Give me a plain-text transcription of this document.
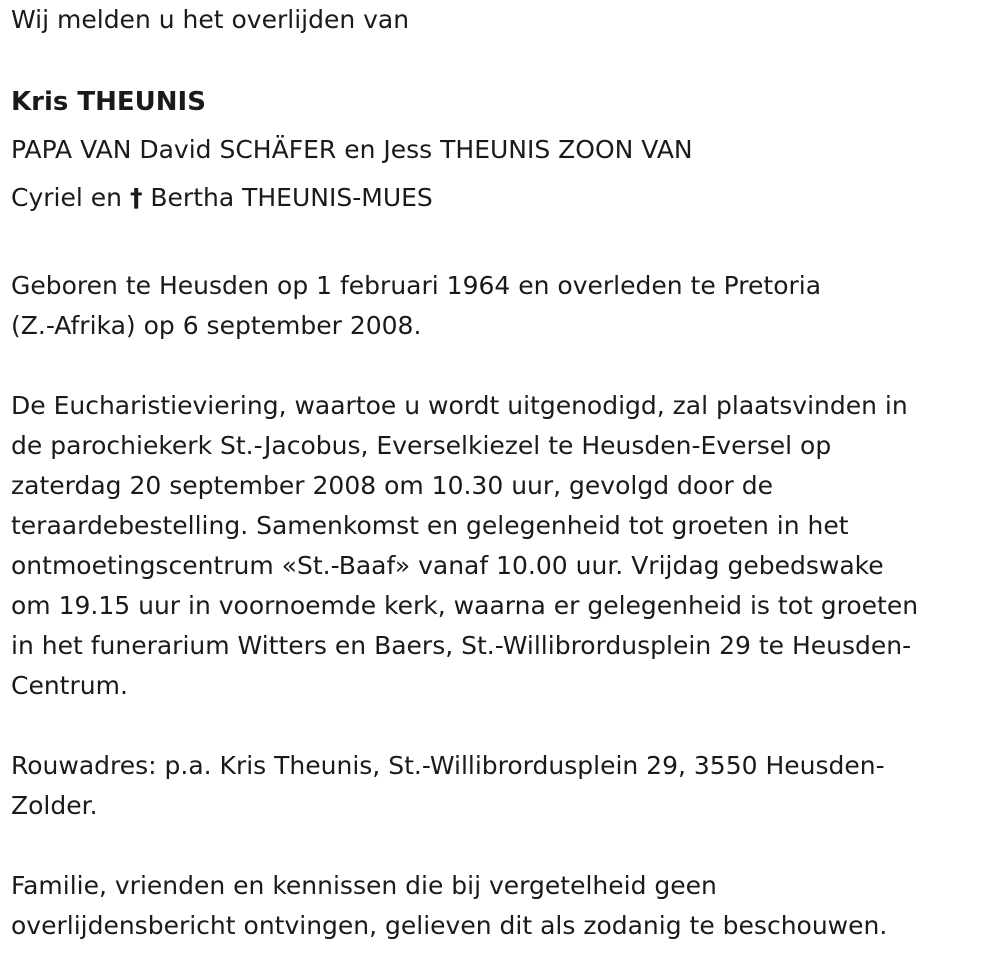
Wij melden u het overlijden van
Kris THEUNIS
PAPA VAN David SCHÄFER en Jess THEUNIS ZOON VAN
Cyriel en † Bertha THEUNIS-MUES
Geboren te Heusden op 1 februari 1964 en overleden te Pretoria
(Z.-Afrika) op 6 september 2008.
De Eucharistieviering, waartoe u wordt uitgenodigd, zal plaatsvinden in
de parochiekerk St.-Jacobus, Everselkiezel te Heusden-Eversel op
zaterdag 20 september 2008 om 10.30 uur, gevolgd door de
teraardebestelling. Samenkomst en gelegenheid tot groeten in het
ontmoetingscentrum «St.-Baaf» vanaf 10.00 uur. Vrijdag gebedswake
om 19.15 uur in voornoemde kerk, waarna er gelegenheid is tot groeten
in het funerarium Witters en Baers, St.-Willibrordusplein 29 te Heusden-
Centrum.
Rouwadres: p.a. Kris Theunis, St.-Willibrordusplein 29, 3550 Heusden-
Zolder.
Familie, vrienden en kennissen die bij vergetelheid geen
overlijdensbericht ontvingen, gelieven dit als zodanig te beschouwen.
